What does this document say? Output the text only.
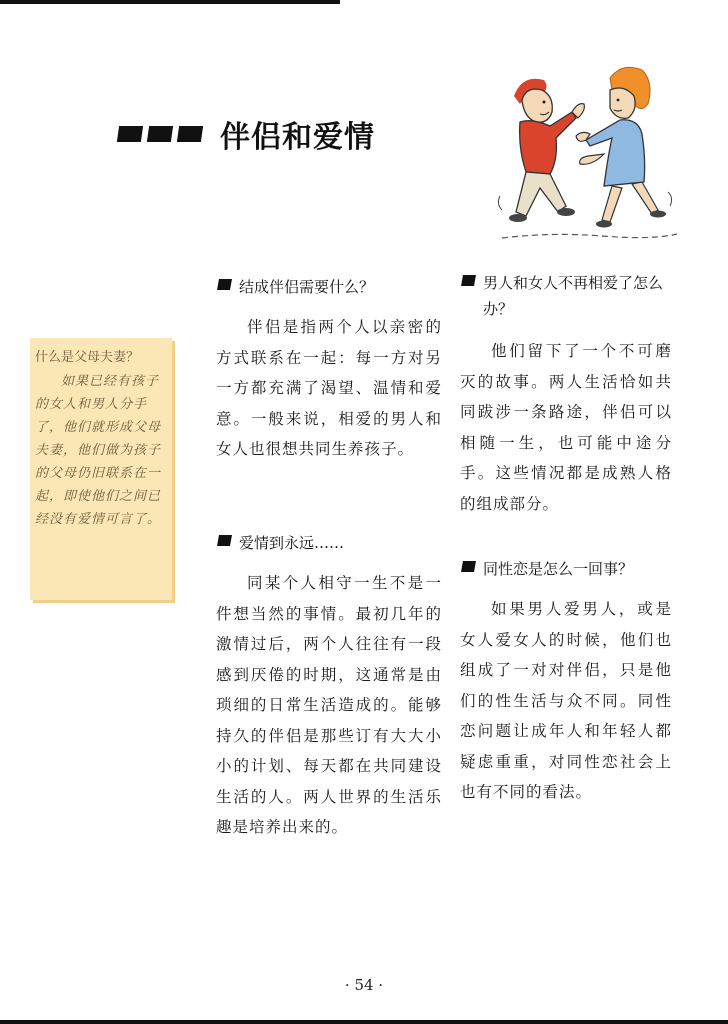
伴侣和爱情
什么是父母夫妻？
如果已经有孩子的女人和男人分手了，他们就形成父母夫妻，他们做为孩子的父母仍旧联系在一起，即使他们之间已经没有爱情可言了。
结成伴侣需要什么？
伴侣是指两个人以亲密的方式联系在一起：每一方对另一方都充满了渴望、温情和爱意。一般来说，相爱的男人和女人也很想共同生养孩子。
爱情到永远……
同某个人相守一生不是一件想当然的事情。最初几年的激情过后，两个人往往有一段感到厌倦的时期，这通常是由琐细的日常生活造成的。能够持久的伴侣是那些订有大大小小的计划、每天都在共同建设生活的人。两人世界的生活乐趣是培养出来的。
男人和女人不再相爱了怎么办？
他们留下了一个不可磨灭的故事。两人生活恰如共同跋涉一条路途，伴侣可以相随一生，也可能中途分手。这些情况都是成熟人格的组成部分。
同性恋是怎么一回事？
如果男人爱男人，或是女人爱女人的时候，他们也组成了一对对伴侣，只是他们的性生活与众不同。同性恋问题让成年人和年轻人都疑虑重重，对同性恋社会上也有不同的看法。
· 54 ·
